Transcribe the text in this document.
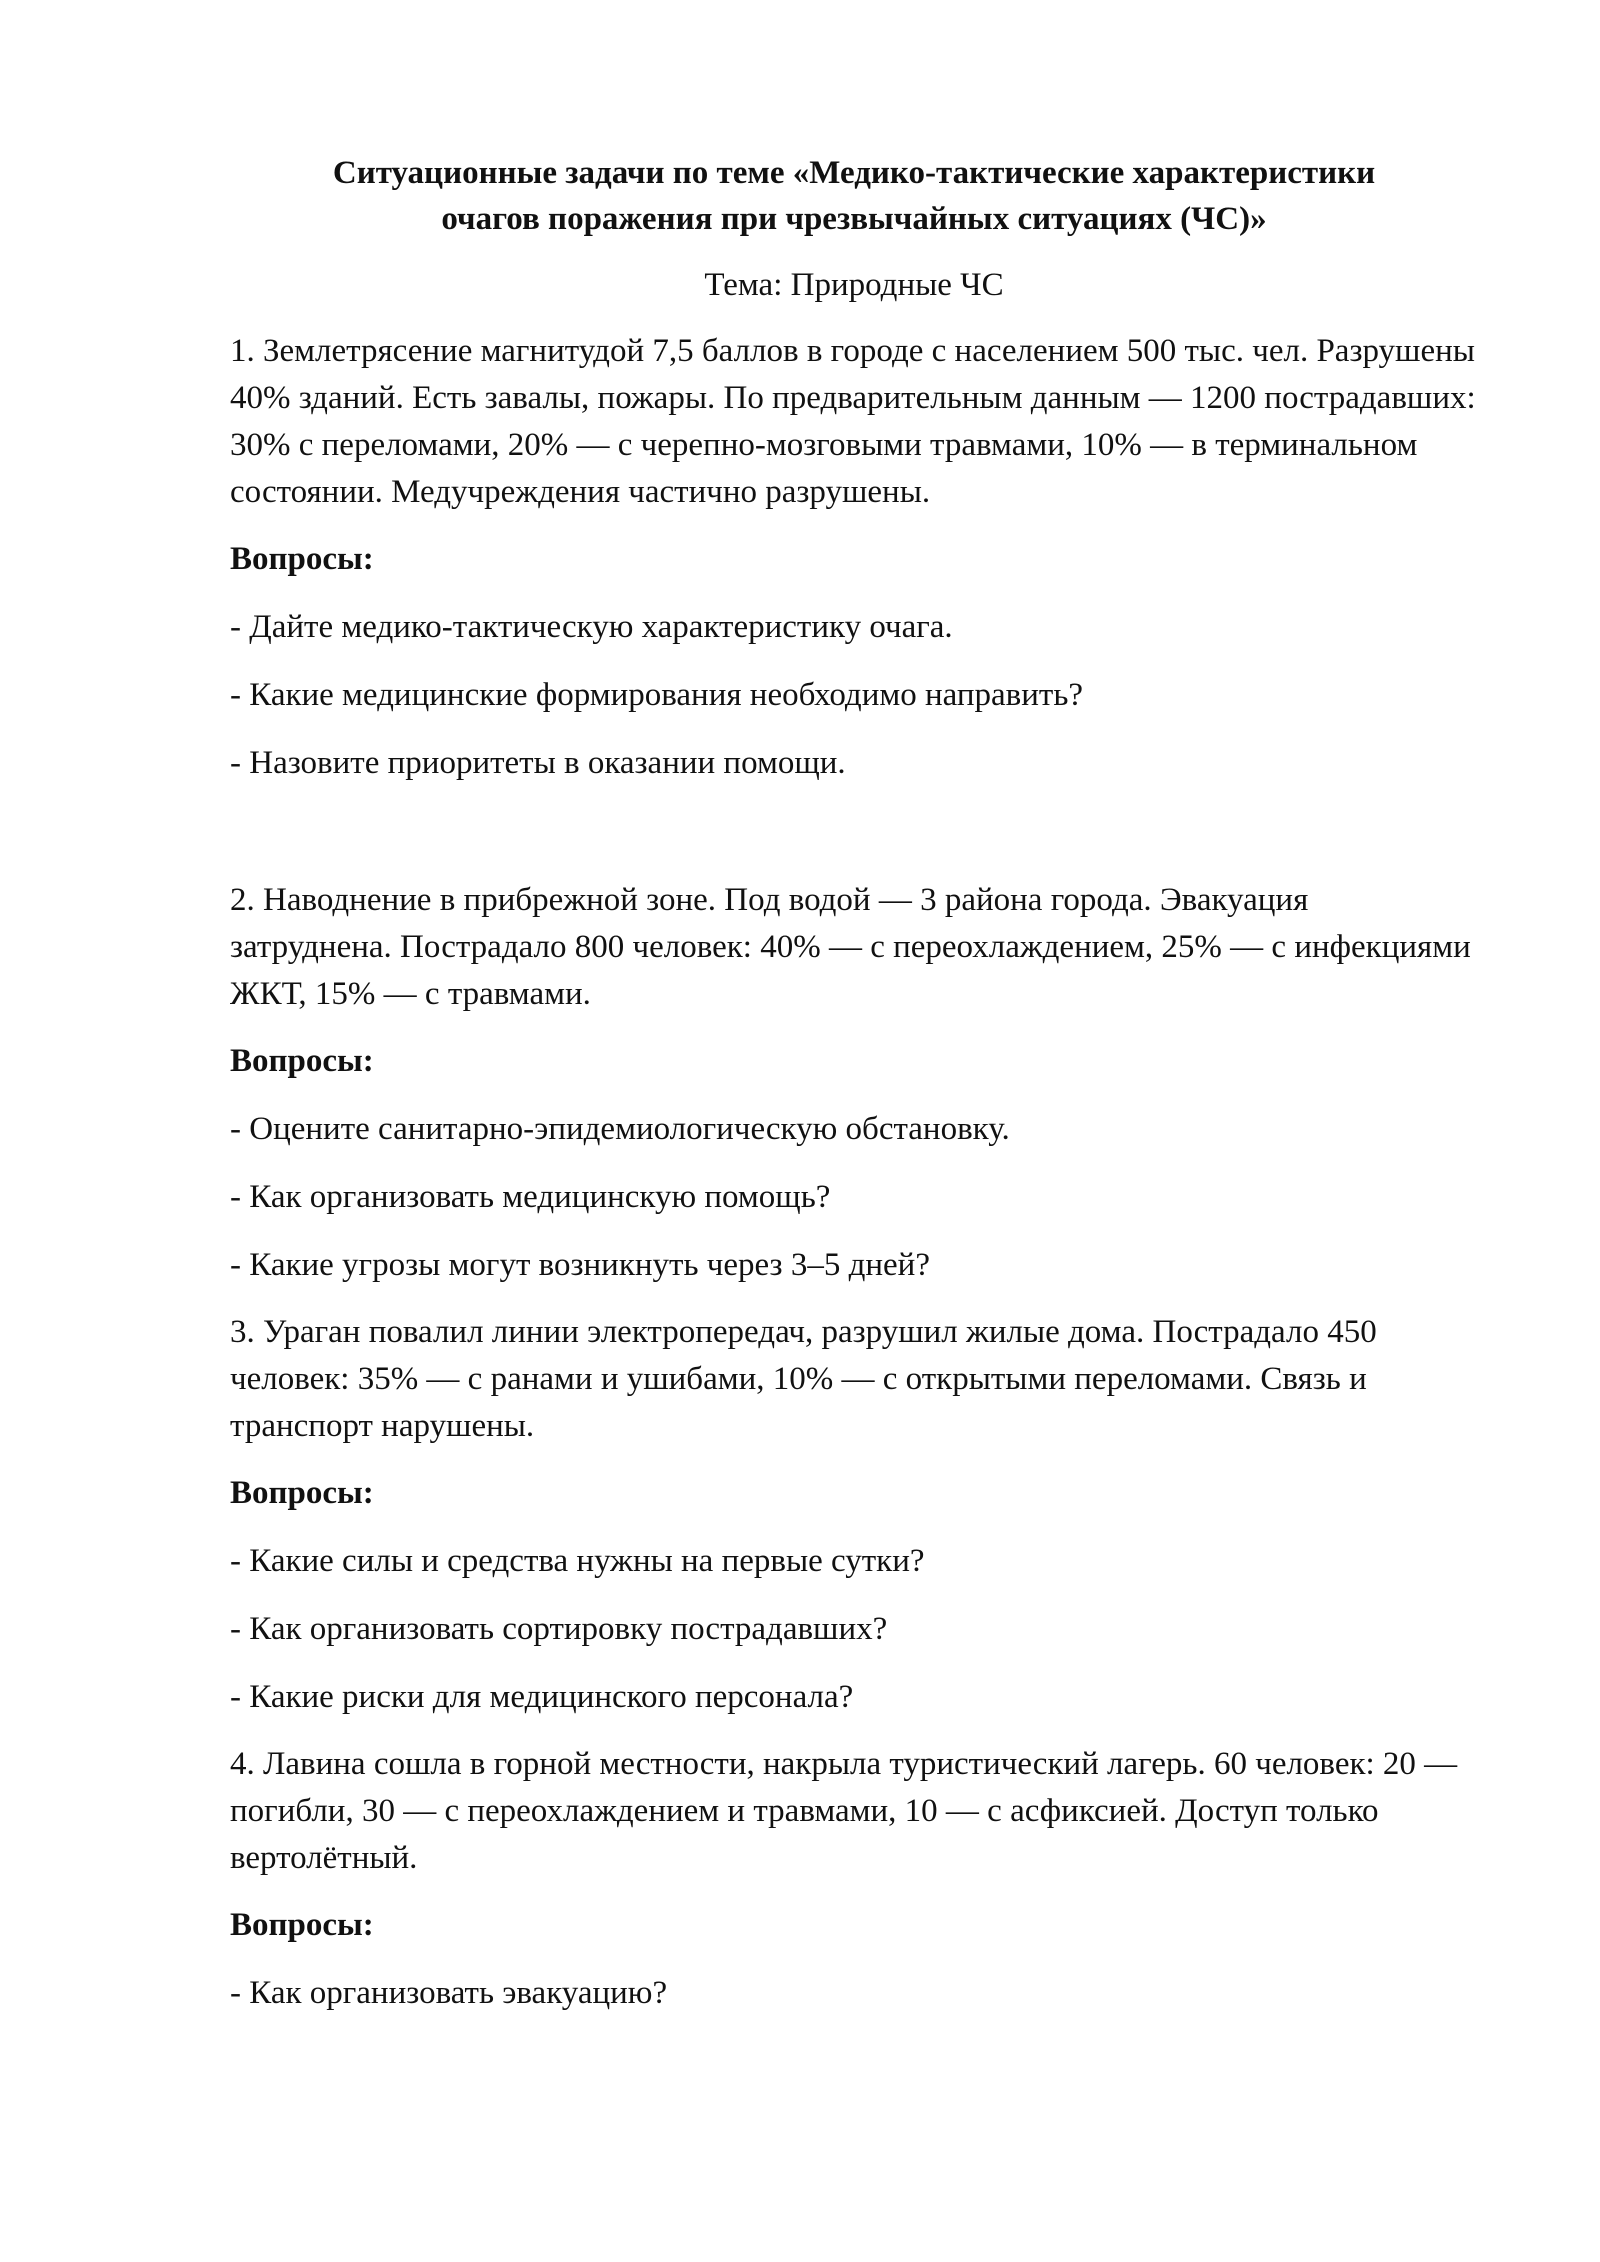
Ситуационные задачи по теме «Медико-тактические характеристики
очагов поражения при чрезвычайных ситуациях (ЧС)»

Тема: Природные ЧС

1. Землетрясение магнитудой 7,5 баллов в городе с населением 500 тыс. чел. Разрушены 40% зданий. Есть завалы, пожары. По предварительным данным — 1200 пострадавших: 30% с переломами, 20% — с черепно-мозговыми травмами, 10% — в терминальном состоянии. Медучреждения частично разрушены.

Вопросы:

- Дайте медико-тактическую характеристику очага.

- Какие медицинские формирования необходимо направить?

- Назовите приоритеты в оказании помощи.

2. Наводнение в прибрежной зоне. Под водой — 3 района города. Эвакуация затруднена. Пострадало 800 человек: 40% — с переохлаждением, 25% — с инфекциями ЖКТ, 15% — с травмами.

Вопросы:

- Оцените санитарно-эпидемиологическую обстановку.

- Как организовать медицинскую помощь?

- Какие угрозы могут возникнуть через 3–5 дней?

3. Ураган повалил линии электропередач, разрушил жилые дома. Пострадало 450 человек: 35% — с ранами и ушибами, 10% — с открытыми переломами. Связь и транспорт нарушены.

Вопросы:

- Какие силы и средства нужны на первые сутки?

- Как организовать сортировку пострадавших?

- Какие риски для медицинского персонала?

4. Лавина сошла в горной местности, накрыла туристический лагерь. 60 человек: 20 — погибли, 30 — с переохлаждением и травмами, 10 — с асфиксией. Доступ только вертолётный.

Вопросы:

- Как организовать эвакуацию?
